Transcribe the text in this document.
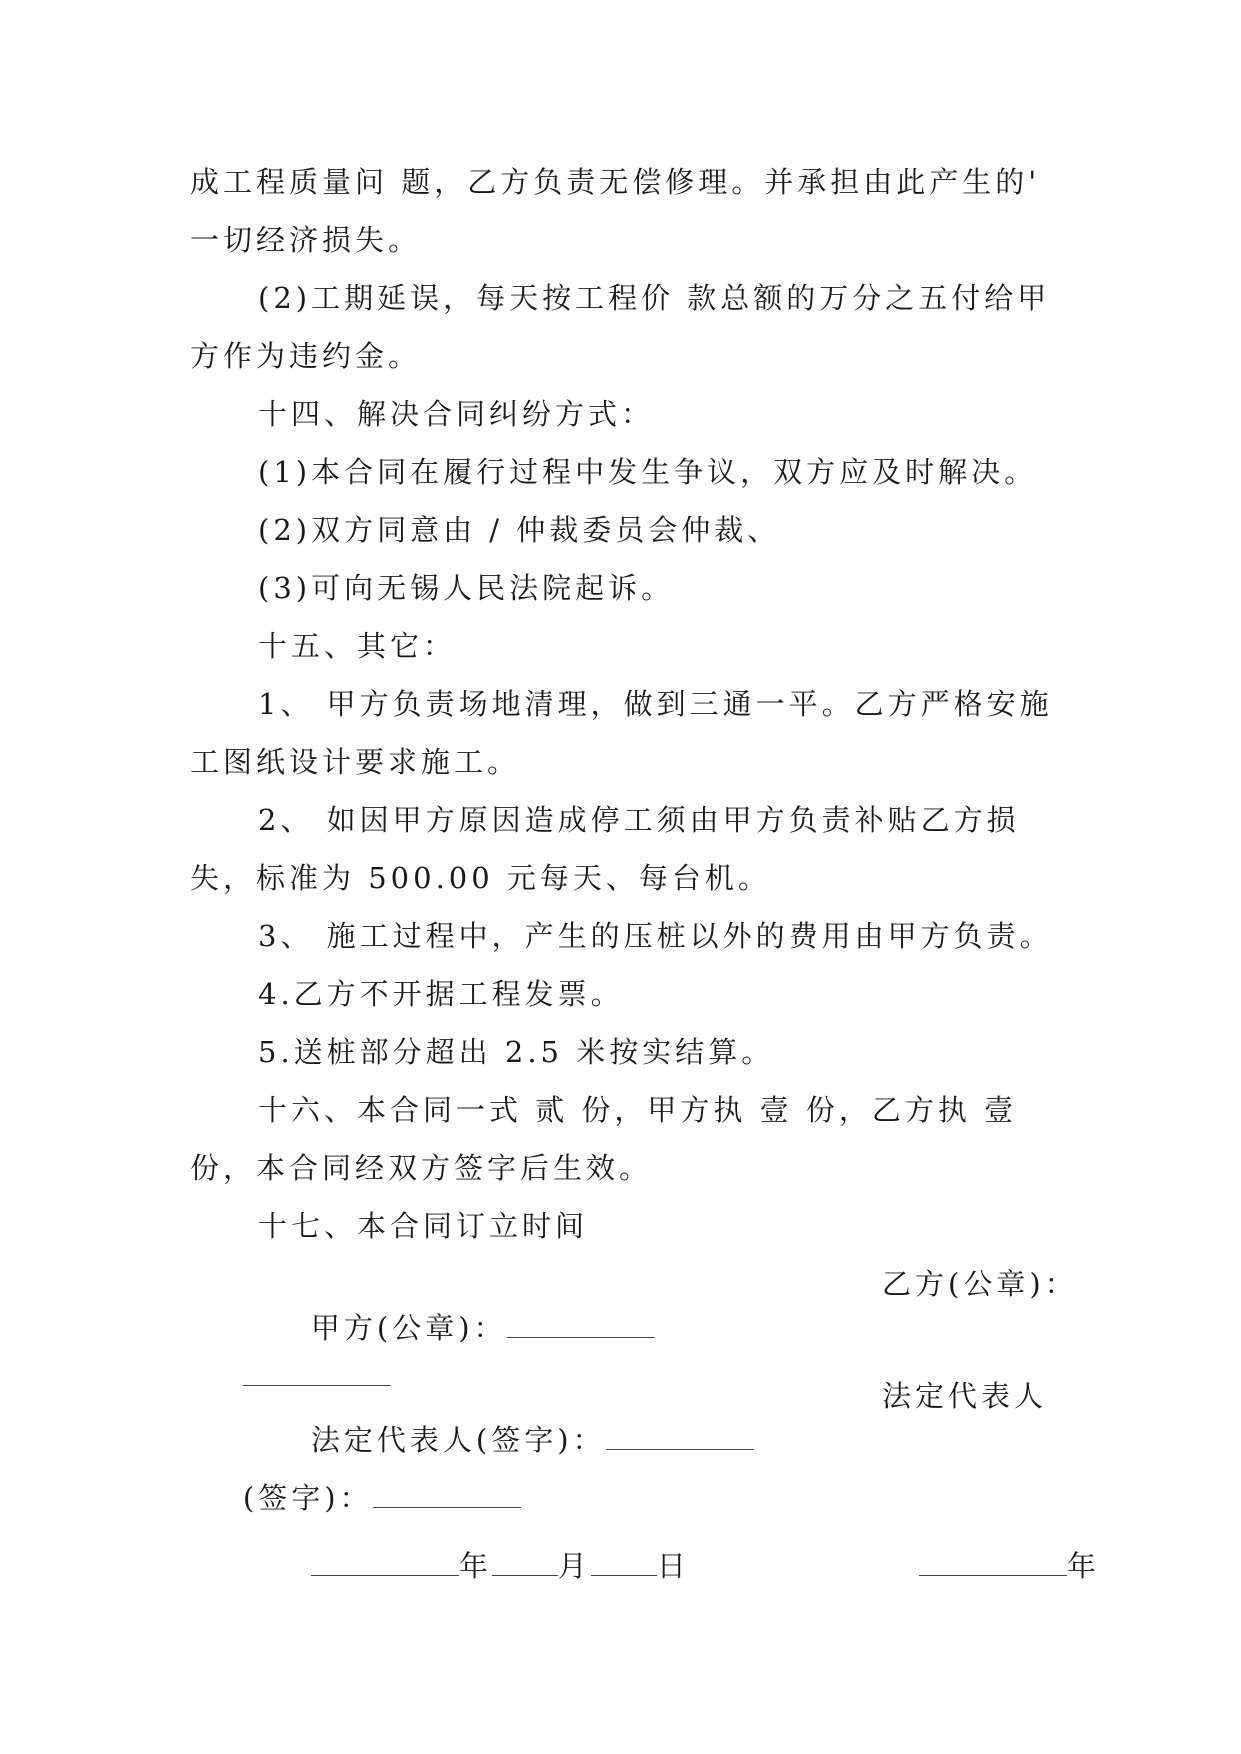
成工程质量问 题，乙方负责无偿修理。并承担由此产生的'
一切经济损失。
(2)工期延误，每天按工程价 款总额的万分之五付给甲
方作为违约金。
十四、解决合同纠纷方式：
(1)本合同在履行过程中发生争议，双方应及时解决。
(2)双方同意由 / 仲裁委员会仲裁、
(3)可向无锡人民法院起诉。
十五、其它：
1、 甲方负责场地清理，做到三通一平。乙方严格安施
工图纸设计要求施工。
2、 如因甲方原因造成停工须由甲方负责补贴乙方损
失，标准为 500.00 元每天、每台机。
3、 施工过程中，产生的压桩以外的费用由甲方负责。
4.乙方不开据工程发票。
5.送桩部分超出 2.5 米按实结算。
十六、本合同一式 贰 份，甲方执 壹 份，乙方执 壹
份，本合同经双方签字后生效。
十七、本合同订立时间

甲方(公章)：

乙方(公章)：

法定代表人(签字)：

法定代表人

(签字)：

年 月 日
	年
